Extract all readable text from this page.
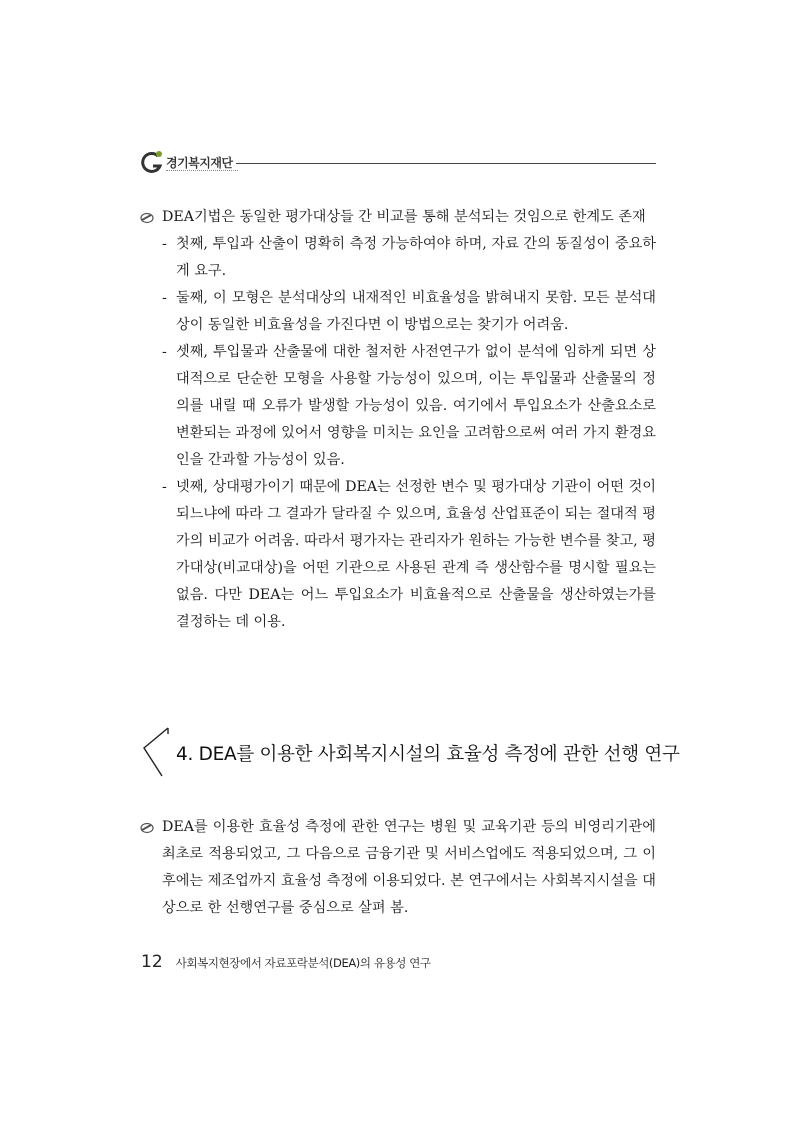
경기복지재단
DEA기법은 동일한 평가대상들 간 비교를 통해 분석되는 것임으로 한계도 존재
- 첫째, 투입과 산출이 명확히 측정 가능하여야 하며, 자료 간의 동질성이 중요하게 요구.
- 둘째, 이 모형은 분석대상의 내재적인 비효율성을 밝혀내지 못함. 모든 분석대상이 동일한 비효율성을 가진다면 이 방법으로는 찾기가 어려움.
- 셋째, 투입물과 산출물에 대한 철저한 사전연구가 없이 분석에 임하게 되면 상대적으로 단순한 모형을 사용할 가능성이 있으며, 이는 투입물과 산출물의 정의를 내릴 때 오류가 발생할 가능성이 있음. 여기에서 투입요소가 산출요소로 변환되는 과정에 있어서 영향을 미치는 요인을 고려함으로써 여러 가지 환경요인을 간과할 가능성이 있음.
- 넷째, 상대평가이기 때문에 DEA는 선정한 변수 및 평가대상 기관이 어떤 것이 되느냐에 따라 그 결과가 달라질 수 있으며, 효율성 산업표준이 되는 절대적 평가의 비교가 어려움. 따라서 평가자는 관리자가 원하는 가능한 변수를 찾고, 평가대상(비교대상)을 어떤 기관으로 사용된 관계 즉 생산함수를 명시할 필요는 없음. 다만 DEA는 어느 투입요소가 비효율적으로 산출물을 생산하였는가를 결정하는 데 이용.
4. DEA를 이용한 사회복지시설의 효율성 측정에 관한 선행 연구
DEA를 이용한 효율성 측정에 관한 연구는 병원 및 교육기관 등의 비영리기관에 최초로 적용되었고, 그 다음으로 금융기관 및 서비스업에도 적용되었으며, 그 이후에는 제조업까지 효율성 측정에 이용되었다. 본 연구에서는 사회복지시설을 대상으로 한 선행연구를 중심으로 살펴 봄.
12 사회복지현장에서 자료포락분석(DEA)의 유용성 연구
